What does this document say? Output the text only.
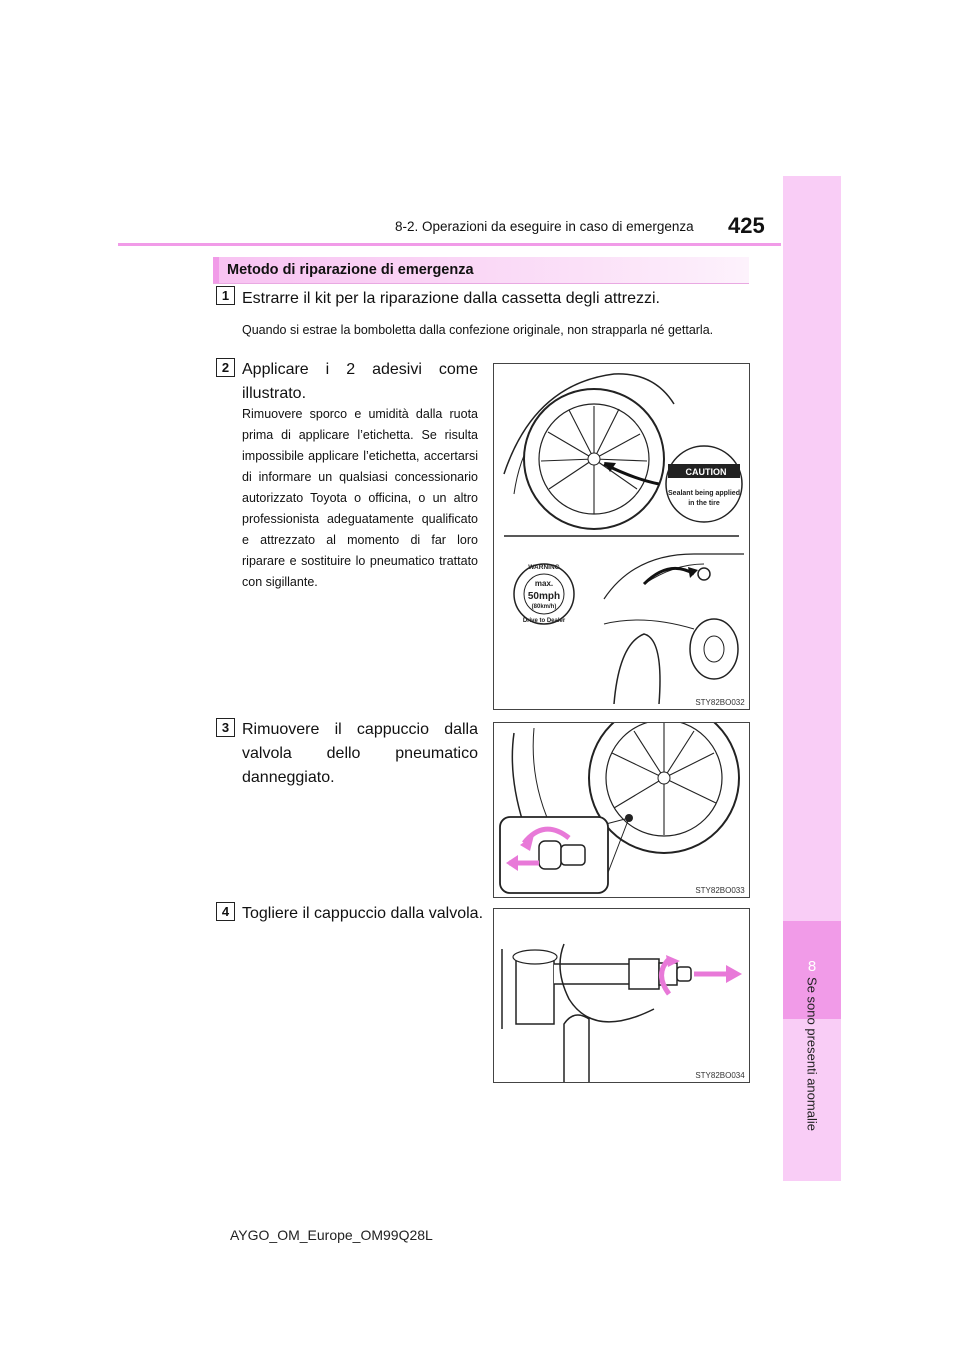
8
Se sono presenti anomalie
8-2. Operazioni da eseguire in caso di emergenza 425
Metodo di riparazione di emergenza
1 Estrarre il kit per la riparazione dalla cassetta degli attrezzi.
Quando si estrae la bomboletta dalla confezione originale, non strapparla né gettarla.
2 Applicare i 2 adesivi come
illustrato.
Rimuovere sporco e umidità dalla ruota prima di applicare l’etichetta. Se risulta impossibile applicare l’etichetta, accertarsi di informare un qualsiasi concessionario autorizzato Toyota o officina, o un altro professionista adeguatamente qualificato e attrezzato al momento di far loro riparare e sostituire lo pneumatico trattato con sigillante.
CAUTION
Sealant being applied
in the tire
WARNING
max.
50mph
(80km/h)
Drive to Dealer
STY82BO032
3 Rimuovere il cappuccio dalla
valvola dello pneumatico
danneggiato.
STY82BO033
4 Togliere il cappuccio dalla valvola.
STY82BO034
AYGO_OM_Europe_OM99Q28L
